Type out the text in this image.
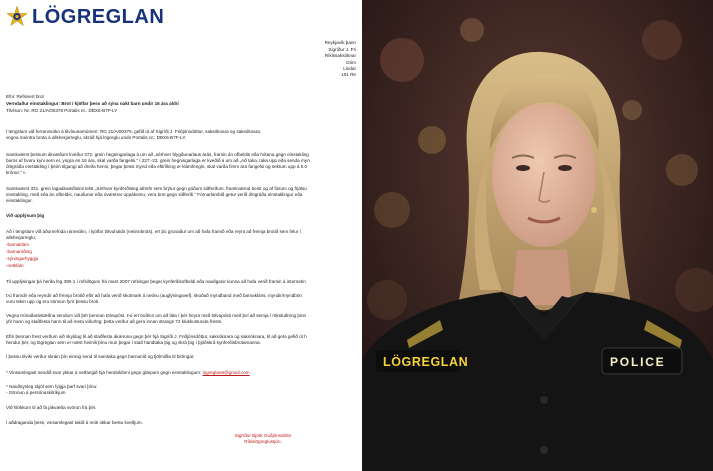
LÖGREGLAN
Reykjavík þann
Sigríður J. Fri
Ríkissaksóknar
Dóm
Lindar
101 Re
Efni: Refsivert brot
Verndaður einstaklingur: Brot í kjölfar þess að sýna nakt barn undir 16 ára aldri
Tilvísun: Nr. RG 21/A/00376 Portalis nr.: DBX6-B7F-LY
Í tengslum við forrannsókn á tilvísunarnúmeri: RG 21/A/00376, gefið út af Sigríði J. Friðjónsdóttur, saksóknara og saksóknara,
vegna meintra brota á allsherjarreglu, skráð hjá lögreglu undir Portalis nr.: DBX6-B7F-LY.
Samkvæmt þessum ákvæðum kveður 372. grein hegningarlaga á um að „sérhver blygðunarlaus árás, framin án ofbeldis eða hótana gegn einstakling
barns af hvoru kyni sem er, yngra en 16 ára, skal varða fangelsi.“ í 227.-23. grein hegningarlaga er kveðið á um að „Að taka, taka upp eða senda myn
ólögráða einstakling í þeim tilgangi að dreifa henni, þegar þessi mynd eða eftirlíking er klámfengin, skal varða fimm ára fangelsi og sektum upp á 6.0
krónur.“ «.
Samkvæmt 331. grein lagaákvæðisins telst „Sérhver kynferðisleg athöfn sem brýtur gegn góðum siðferðum, framkvæmd beint og af fúsum og frjálsu
einstakling, með eða án ofbeldis, nauðunar eða óvæntrar uppákomu, vera brot gegn siðferði.“ Fórnarlambið getur verið ólögráða einstaklingur eða
einstaklingur.
Við upplýsum þig
Að í tengslum við aðurnefnda rannsókn, í kjölfar tölvuhalds (netinnbrots), ert þú grunaður um að hafa framið eða reynt að fremja brotið sem felur í
allsherjarreglu;
-barnaklám
-barnaníðing
-sýningarhyggja
-netklám
Til upplýsingar þá herða lög 390-1 í refsilögum frá mars 2007 refsingar þegar kynferðisofbeldi eða nauðganir kunna að hafa verið framin á internetin
Þú framdir eða reyndir að fremja brotið eftir að hafa verið skotmark á netinu (auglýsingavef), skoðað myndband með barnaklámi, myndir/myndbön
voru tekin upp og eru sönnun fyrir þessu broti.
Vegna trúnaðarástæðna sendum við þér þennan tölvupóst. Þú ert boðinn um að láta í þér heyra með tölvupósti með því að semja í rökstuðning þinn
yfir hann og staðfesta hann til að meta viðurlög; þetta verður að gera innan strangs 72 klukkustunda frests.
Eftir þennan frest verðum við skyldug til að staðfesta ákæruna gegn þér hjá Sigríði J. Friðjónsdóttur, saksóknara og saksóknara, til að geta gefið út h
hendur þér, og lögreglan sem er næst heimili þínu mun þegar í stað handtaka þig og skrá þig í þjóðskrá kynferðisbrotamanna.
Í þessu tilviki verður skráin þín einnig send til samtaka gegn barnaníð og fjölmiðla til birtingar.
* Vinsamlegast sendið svar ykkar á netfangið hjá herdeildinni gegn glæpum gegn einstaklingum: logreglan6@gmail.com
* Nauðsynleg skjöl sem fylgja þarf svari þínu:
- Sönnun á persónuskilríkjum
Við hlökkum til að fá jákvæða svörun frá þér.
Í aðdraganda þess, vinsamlegast takið á móti okkar bestu kveðjum.
Sigríður Björk Guðjónsdóttir
Ríkislögreglustjóri.
LÖGREGLAN	POLICE
